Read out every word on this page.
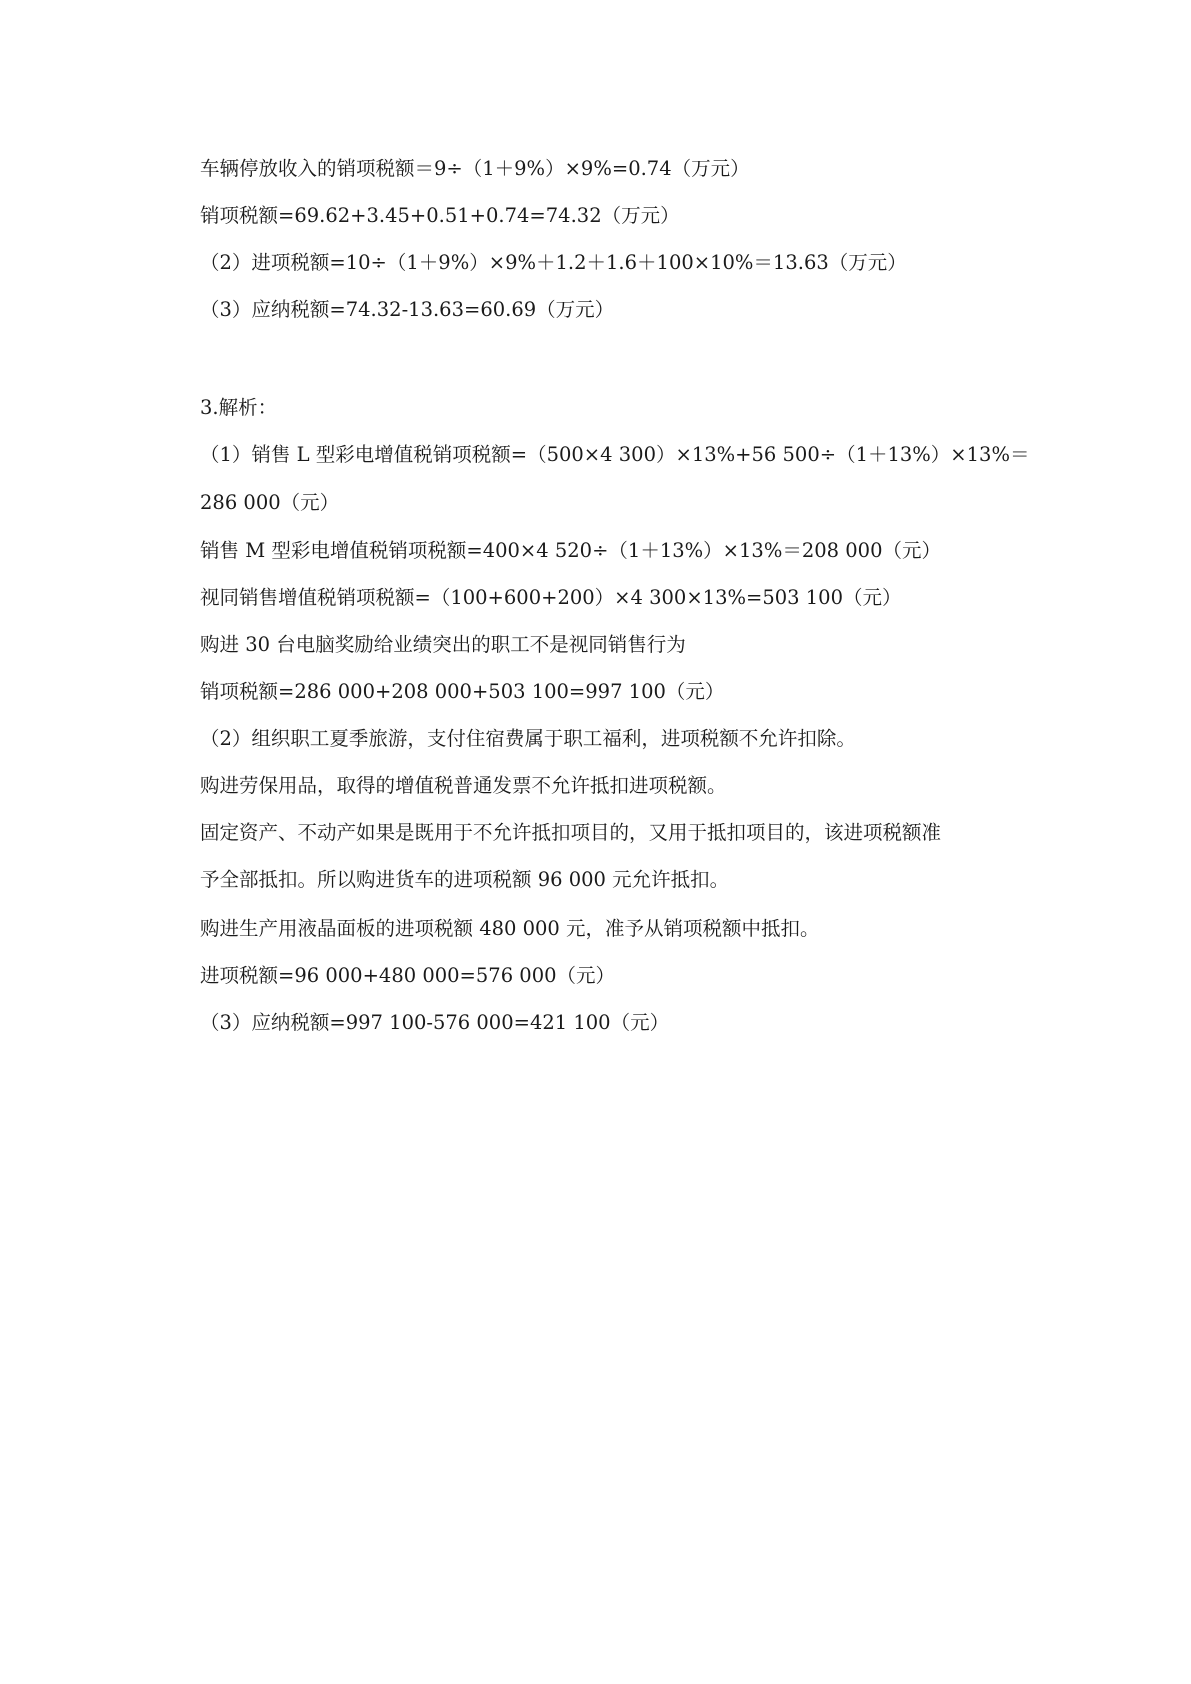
车辆停放收入的销项税额＝9÷（1＋9%）×9%=0.74（万元）

销项税额=69.62+3.45+0.51+0.74=74.32（万元）

（2）进项税额=10÷（1＋9%）×9%＋1.2＋1.6＋100×10%＝13.63（万元）

（3）应纳税额=74.32-13.63=60.69（万元）

3.解析：

（1）销售 L 型彩电增值税销项税额=（500×4 300）×13%+56 500÷（1＋13%）×13%＝

286 000（元）

销售 M 型彩电增值税销项税额=400×4 520÷（1＋13%）×13%＝208 000（元）

视同销售增值税销项税额=（100+600+200）×4 300×13%=503 100（元）

购进 30 台电脑奖励给业绩突出的职工不是视同销售行为

销项税额=286 000+208 000+503 100=997 100（元）

（2）组织职工夏季旅游，支付住宿费属于职工福利，进项税额不允许扣除。

购进劳保用品，取得的增值税普通发票不允许抵扣进项税额。

固定资产、不动产如果是既用于不允许抵扣项目的，又用于抵扣项目的，该进项税额准

予全部抵扣。所以购进货车的进项税额 96 000 元允许抵扣。

购进生产用液晶面板的进项税额 480 000 元，准予从销项税额中抵扣。

进项税额=96 000+480 000=576 000（元）

（3）应纳税额=997 100-576 000=421 100（元）
